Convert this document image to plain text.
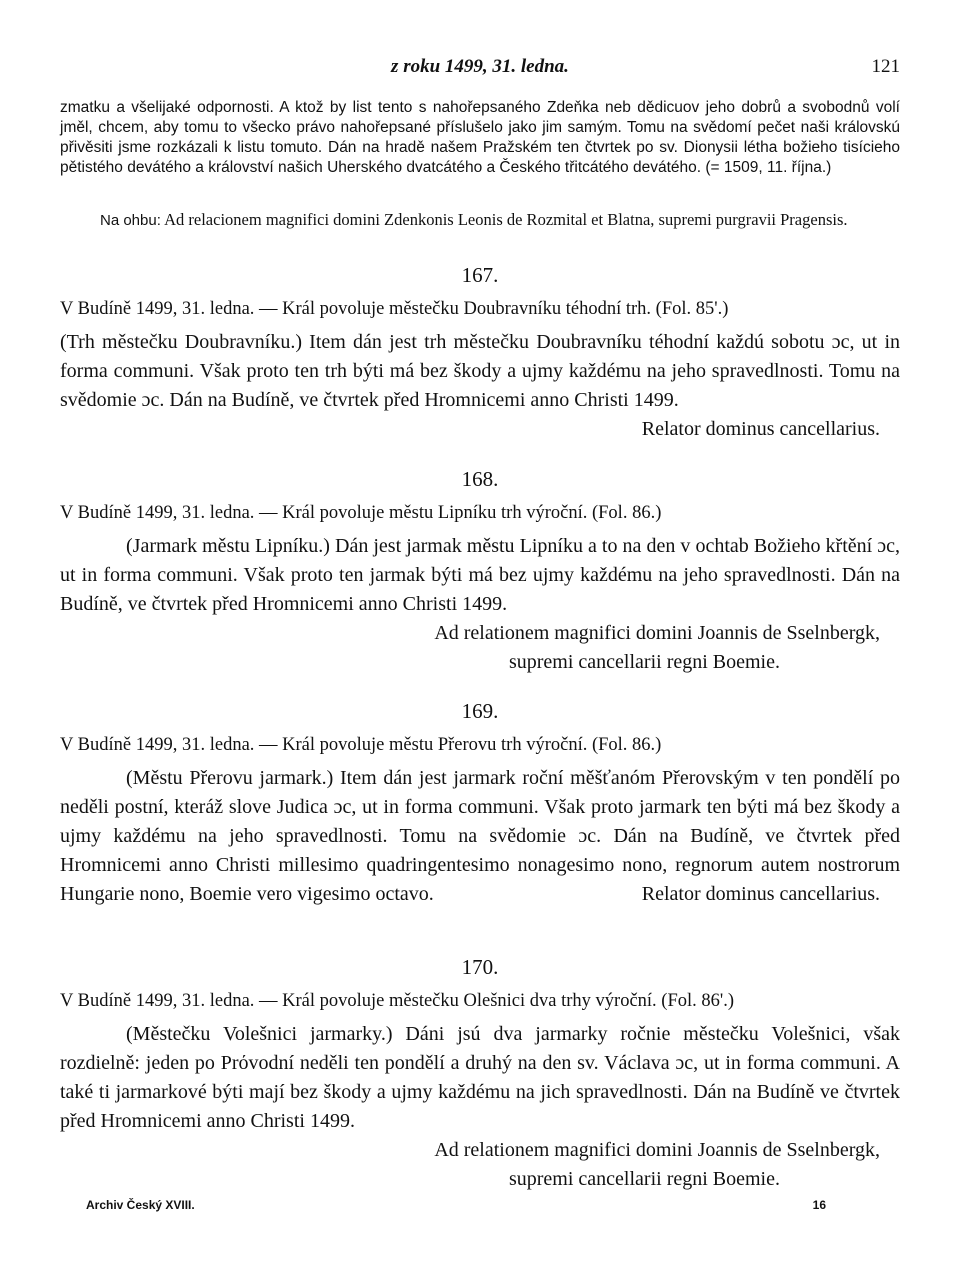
z roku 1499, 31. ledna.	121

zmatku a všelijaké odpornosti. A ktož by list tento s nahořepsaného Zdeňka neb dědicuov jeho dobrů a svobodnů volí jměl, chcem, aby tomu to všecko právo nahořepsané příslušelo jako jim samým. Tomu na svědomí pečet naši královskú přivěsiti jsme rozkázali k listu tomuto. Dán na hradě našem Pražském ten čtvrtek po sv. Dionysii létha božieho tisícieho pětistého devátého a království našich Uherského dvatcátého a Českého třitcátého devátého. (= 1509, 11. října.)

Na ohbu: Ad relacionem magnifici domini Zdenkonis Leonis de Rozmital et Blatna, supremi purgravii Pragensis.

167.

V Budíně 1499, 31. ledna. — Král povoluje městečku Doubravníku téhodní trh. (Fol. 85'.)

(Trh městečku Doubravníku.) Item dán jest trh městečku Doubravníku téhodní každú sobotu ɔc, ut in forma communi. Však proto ten trh býti má bez škody a ujmy každému na jeho spravedlnosti. Tomu na svědomie ɔc. Dán na Budíně, ve čtvrtek před Hromnicemi anno Christi 1499.
Relator dominus cancellarius.

168.

V Budíně 1499, 31. ledna. — Král povoluje městu Lipníku trh výroční. (Fol. 86.)

(Jarmark městu Lipníku.) Dán jest jarmak městu Lipníku a to na den v ochtab Božieho křtění ɔc, ut in forma communi. Však proto ten jarmak býti má bez ujmy každému na jeho spravedlnosti. Dán na Budíně, ve čtvrtek před Hromnicemi anno Christi 1499.

Ad relationem magnifici domini Joannis de Sselnbergk,
supremi cancellarii regni Boemie.
169.

V Budíně 1499, 31. ledna. — Král povoluje městu Přerovu trh výroční. (Fol. 86.)

(Městu Přerovu jarmark.) Item dán jest jarmark roční měšťanóm Přerovským v ten pondělí po neděli postní, kteráž slove Judica ɔc, ut in forma communi. Však proto jarmark ten býti má bez škody a ujmy každému na jeho spravedlnosti. Tomu na svědomie ɔc. Dán na Budíně, ve čtvrtek před Hromnicemi anno Christi millesimo quadringentesimo nonagesimo nono, regnorum autem nostrorum Hungarie nono, Boemie vero vigesimo octavo.	Relator dominus cancellarius.

170.

V Budíně 1499, 31. ledna. — Král povoluje městečku Olešnici dva trhy výroční. (Fol. 86'.)

(Městečku Volešnici jarmarky.) Dáni jsú dva jarmarky ročnie městečku Volešnici, však rozdielně: jeden po Prόvodní neděli ten pondělí a druhý na den sv. Václava ɔc, ut in forma communi. A také ti jarmarkové býti mají bez škody a ujmy každému na jich spravedlnosti. Dán na Budíně ve čtvrtek před Hromnicemi anno Christi 1499.

Ad relationem magnifici domini Joannis de Sselnbergk,
supremi cancellarii regni Boemie.
Archiv Český XVIII.	16
